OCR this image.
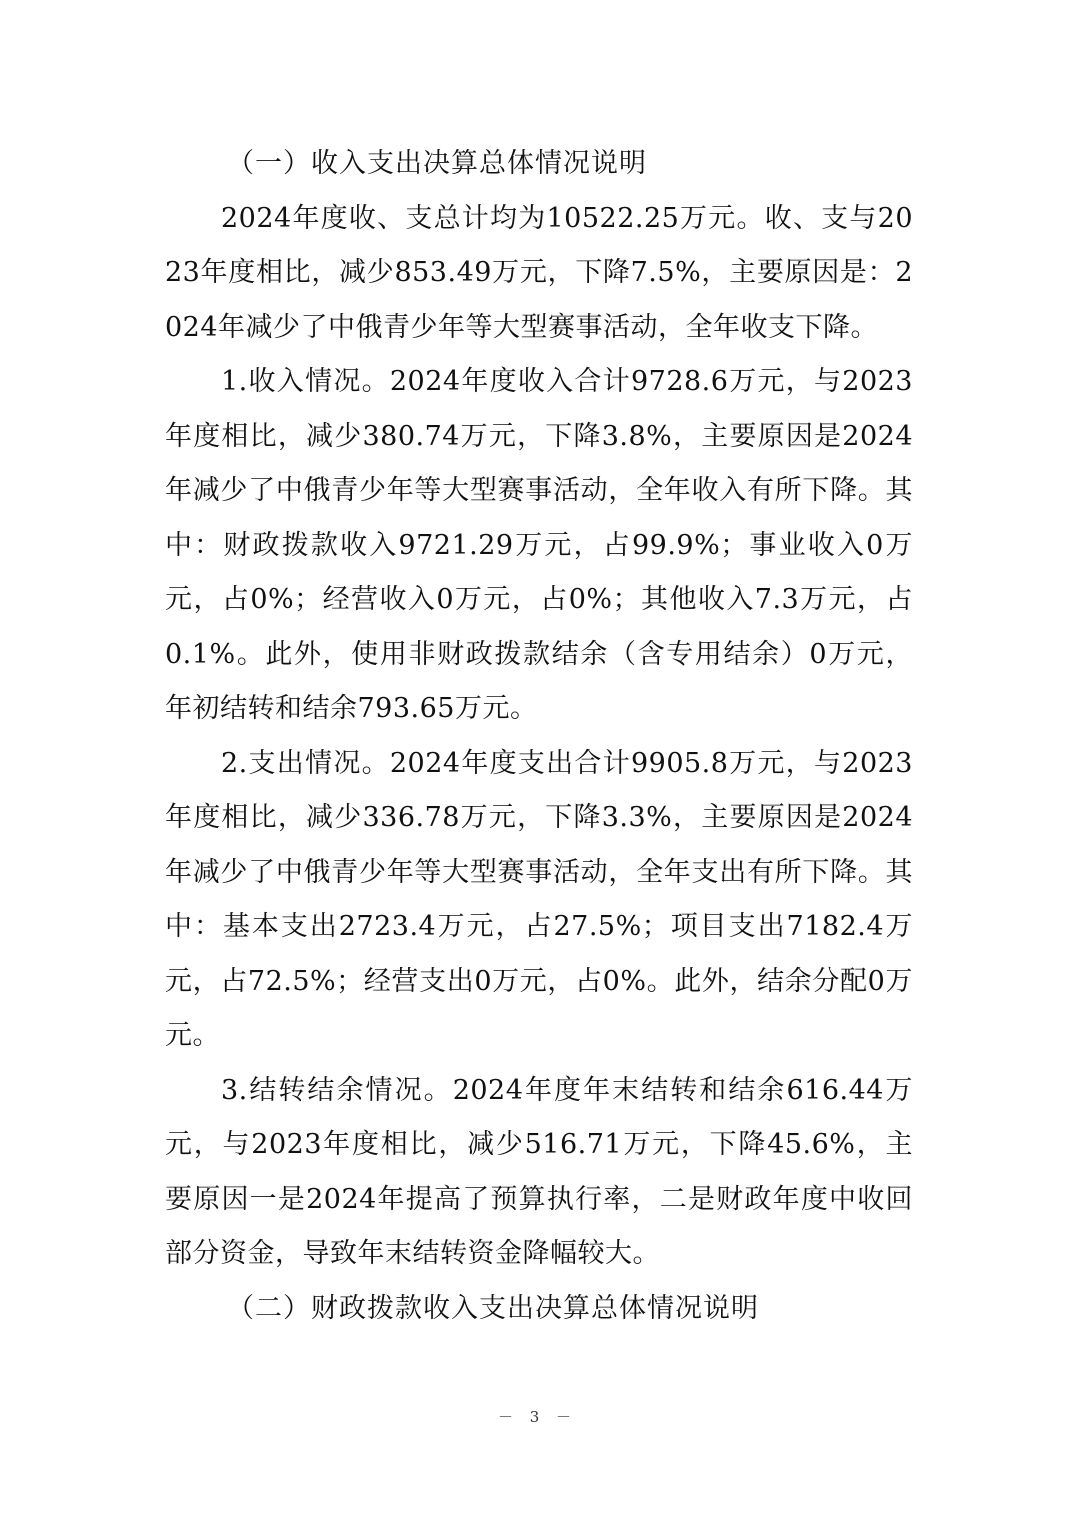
（一）收入支出决算总体情况说明

2024年度收、支总计均为10522.25万元。收、支与2023年度相比，减少853.49万元，下降7.5%，主要原因是：2024年减少了中俄青少年等大型赛事活动，全年收支下降。

1.收入情况。2024年度收入合计9728.6万元，与2023年度相比，减少380.74万元，下降3.8%，主要原因是2024年减少了中俄青少年等大型赛事活动，全年收入有所下降。其中：财政拨款收入9721.29万元，占99.9%；事业收入0万元，占0%；经营收入0万元，占0%；其他收入7.3万元，占0.1%。此外，使用非财政拨款结余（含专用结余）0万元，年初结转和结余793.65万元。

2.支出情况。2024年度支出合计9905.8万元，与2023年度相比，减少336.78万元，下降3.3%，主要原因是2024年减少了中俄青少年等大型赛事活动，全年支出有所下降。其中：基本支出2723.4万元，占27.5%；项目支出7182.4万元，占72.5%；经营支出0万元，占0%。此外，结余分配0万元。

3.结转结余情况。2024年度年末结转和结余616.44万元，与2023年度相比，减少516.71万元，下降45.6%，主要原因一是2024年提高了预算执行率，二是财政年度中收回部分资金，导致年末结转资金降幅较大。

（二）财政拨款收入支出决算总体情况说明

－ 3 －
